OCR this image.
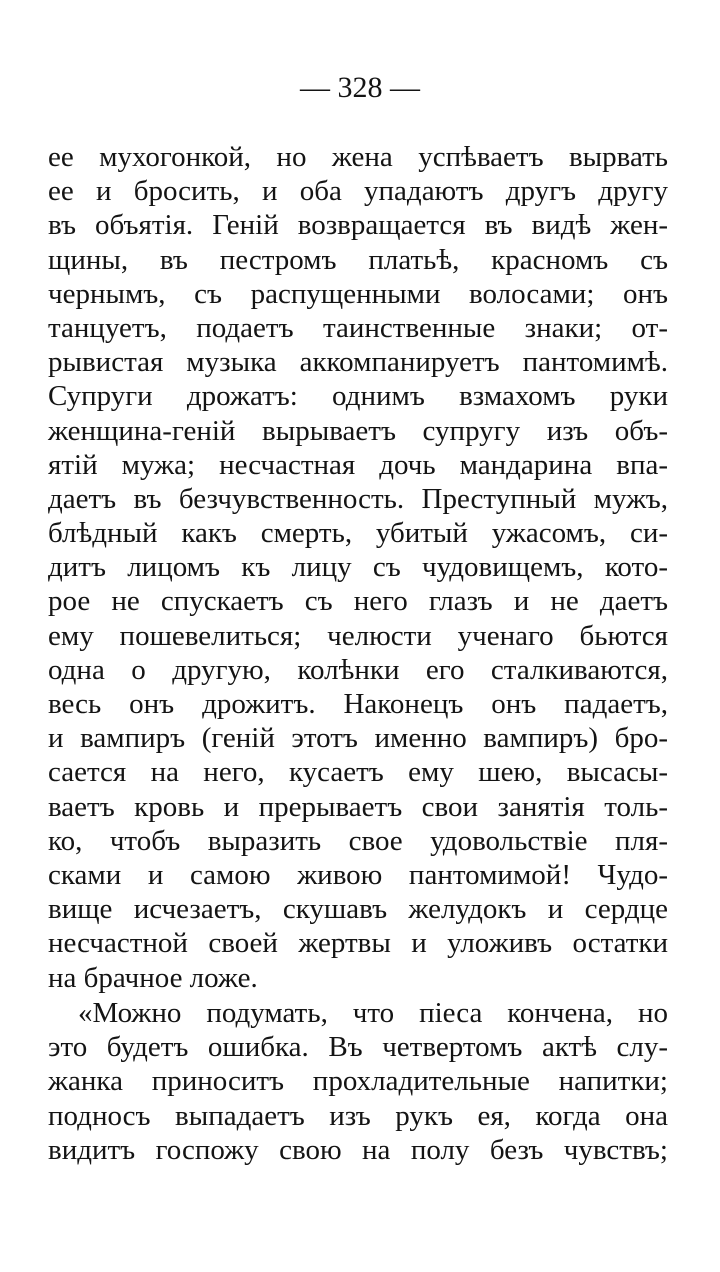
— 328 —
ее мухогонкой, но жена успѣваетъ вырвать
ее и бросить, и оба упадаютъ другъ другу
въ объятія. Геній возвращается въ видѣ жен-
щины, въ пестромъ платьѣ, красномъ съ
чернымъ, съ распущенными волосами; онъ
танцуетъ, подаетъ таинственные знаки; от-
рывистая музыка аккомпанируетъ пантомимѣ.
Супруги дрожатъ: однимъ взмахомъ руки
женщина-геній вырываетъ супругу изъ объ-
ятій мужа; несчастная дочь мандарина впа-
даетъ въ безчувственность. Преступный мужъ,
блѣдный какъ смерть, убитый ужасомъ, си-
дитъ лицомъ къ лицу съ чудовищемъ, кото-
рое не спускаетъ съ него глазъ и не даетъ
ему пошевелиться; челюсти ученаго бьются
одна о другую, колѣнки его сталкиваются,
весь онъ дрожитъ. Наконецъ онъ падаетъ,
и вампиръ (геній этотъ именно вампиръ) бро-
сается на него, кусаетъ ему шею, высасы-
ваетъ кровь и прерываетъ свои занятія толь-
ко, чтобъ выразить свое удовольствіе пля-
сками и самою живою пантомимой! Чудо-
вище исчезаетъ, скушавъ желудокъ и сердце
несчастной своей жертвы и уложивъ остатки
на брачное ложе.
«Можно подумать, что піеса кончена, но
это будетъ ошибка. Въ четвертомъ актѣ слу-
жанка приноситъ прохладительные напитки;
подносъ выпадаетъ изъ рукъ ея, когда она
видитъ госпожу свою на полу безъ чувствъ;
